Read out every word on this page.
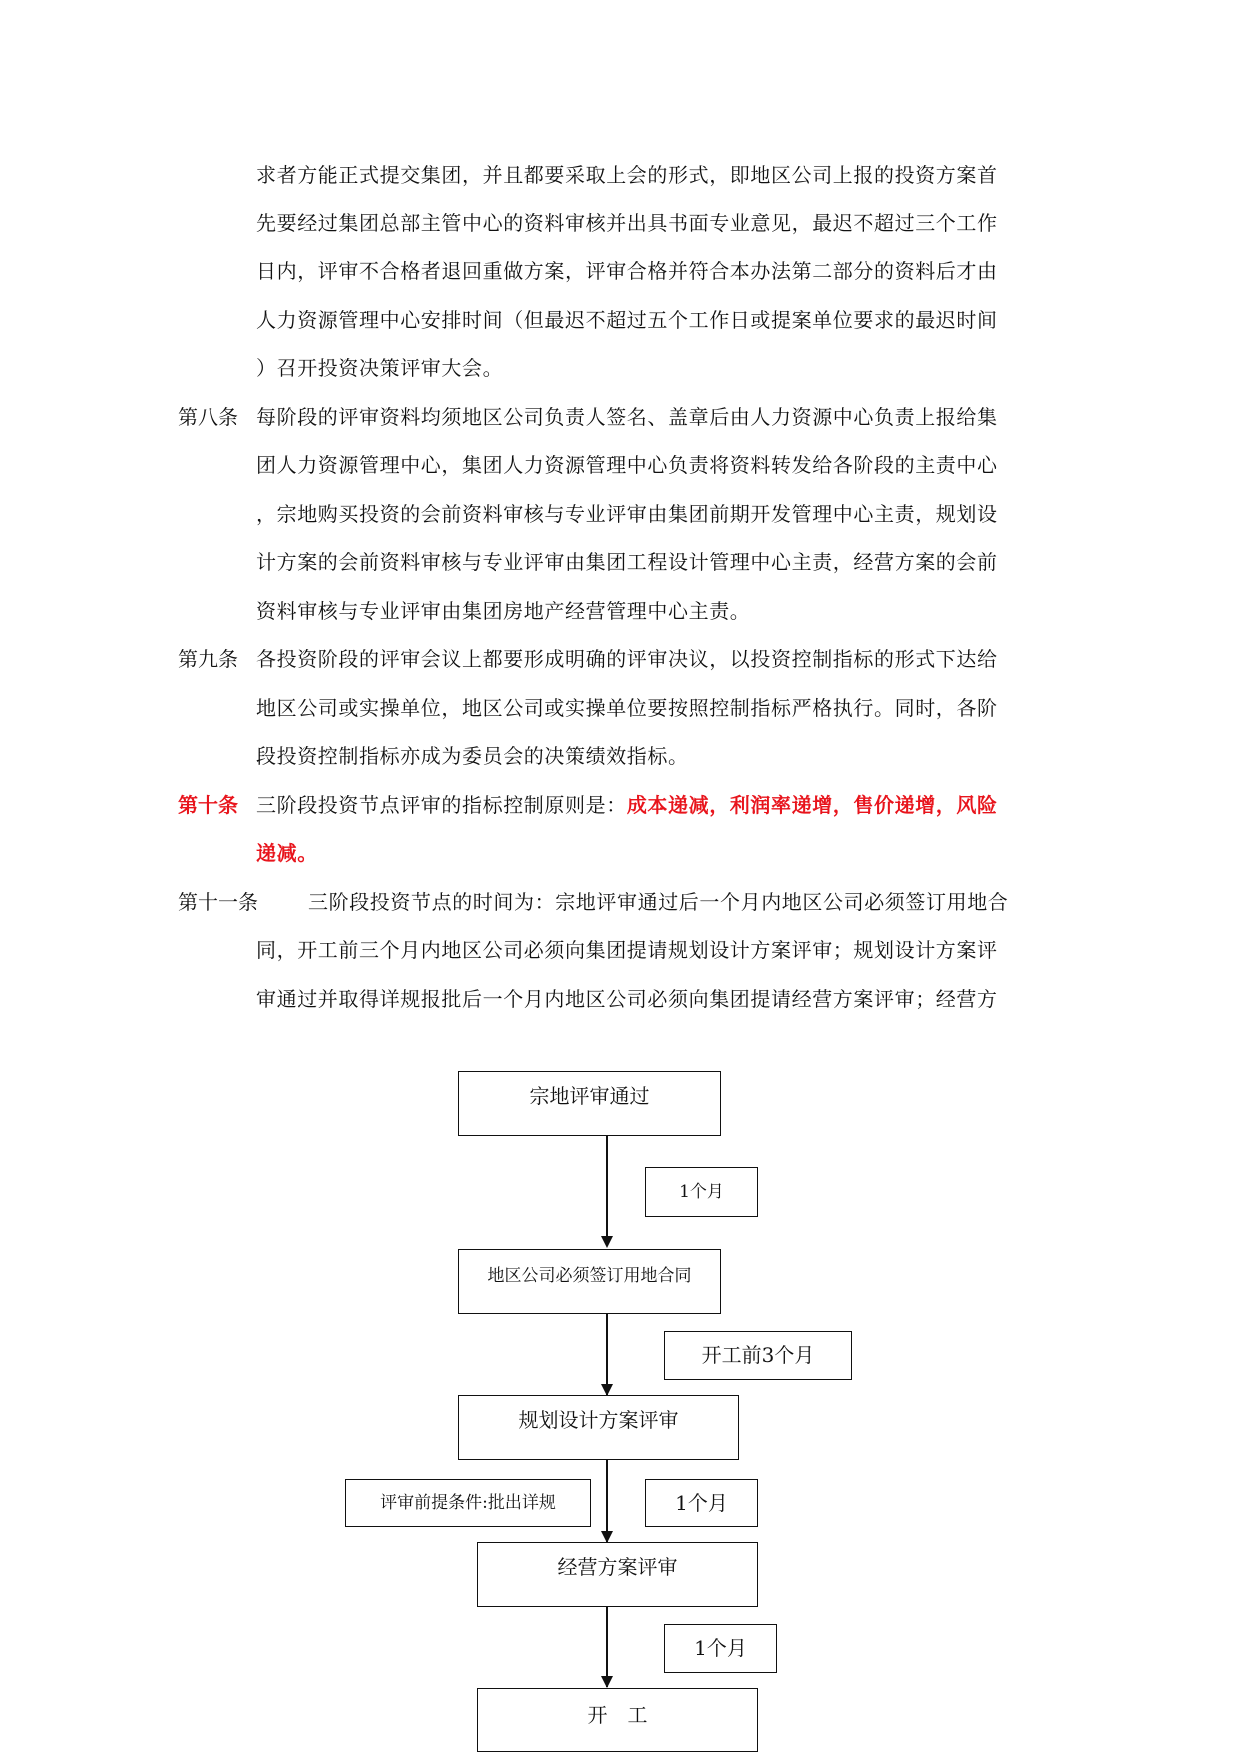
求者方能正式提交集团，并且都要采取上会的形式，即地区公司上报的投资方案首
先要经过集团总部主管中心的资料审核并出具书面专业意见，最迟不超过三个工作
日内，评审不合格者退回重做方案，评审合格并符合本办法第二部分的资料后才由
人力资源管理中心安排时间（但最迟不超过五个工作日或提案单位要求的最迟时间
）召开投资决策评审大会。
第八条 每阶段的评审资料均须地区公司负责人签名、盖章后由人力资源中心负责上报给集
团人力资源管理中心，集团人力资源管理中心负责将资料转发给各阶段的主责中心
，宗地购买投资的会前资料审核与专业评审由集团前期开发管理中心主责，规划设
计方案的会前资料审核与专业评审由集团工程设计管理中心主责，经营方案的会前
资料审核与专业评审由集团房地产经营管理中心主责。
第九条 各投资阶段的评审会议上都要形成明确的评审决议，以投资控制指标的形式下达给
地区公司或实操单位，地区公司或实操单位要按照控制指标严格执行。同时，各阶
段投资控制指标亦成为委员会的决策绩效指标。
第十条 三阶段投资节点评审的指标控制原则是：成本递减，利润率递增，售价递增，风险
递减。
第十一条	三阶段投资节点的时间为：宗地评审通过后一个月内地区公司必须签订用地合
同，开工前三个月内地区公司必须向集团提请规划设计方案评审；规划设计方案评
审通过并取得详规报批后一个月内地区公司必须向集团提请经营方案评审；经营方
宗地评审通过
1个月
地区公司必须签订用地合同
开工前3个月
规划设计方案评审
评审前提条件:批出详规	1个月
经营方案评审
1个月
开　工
